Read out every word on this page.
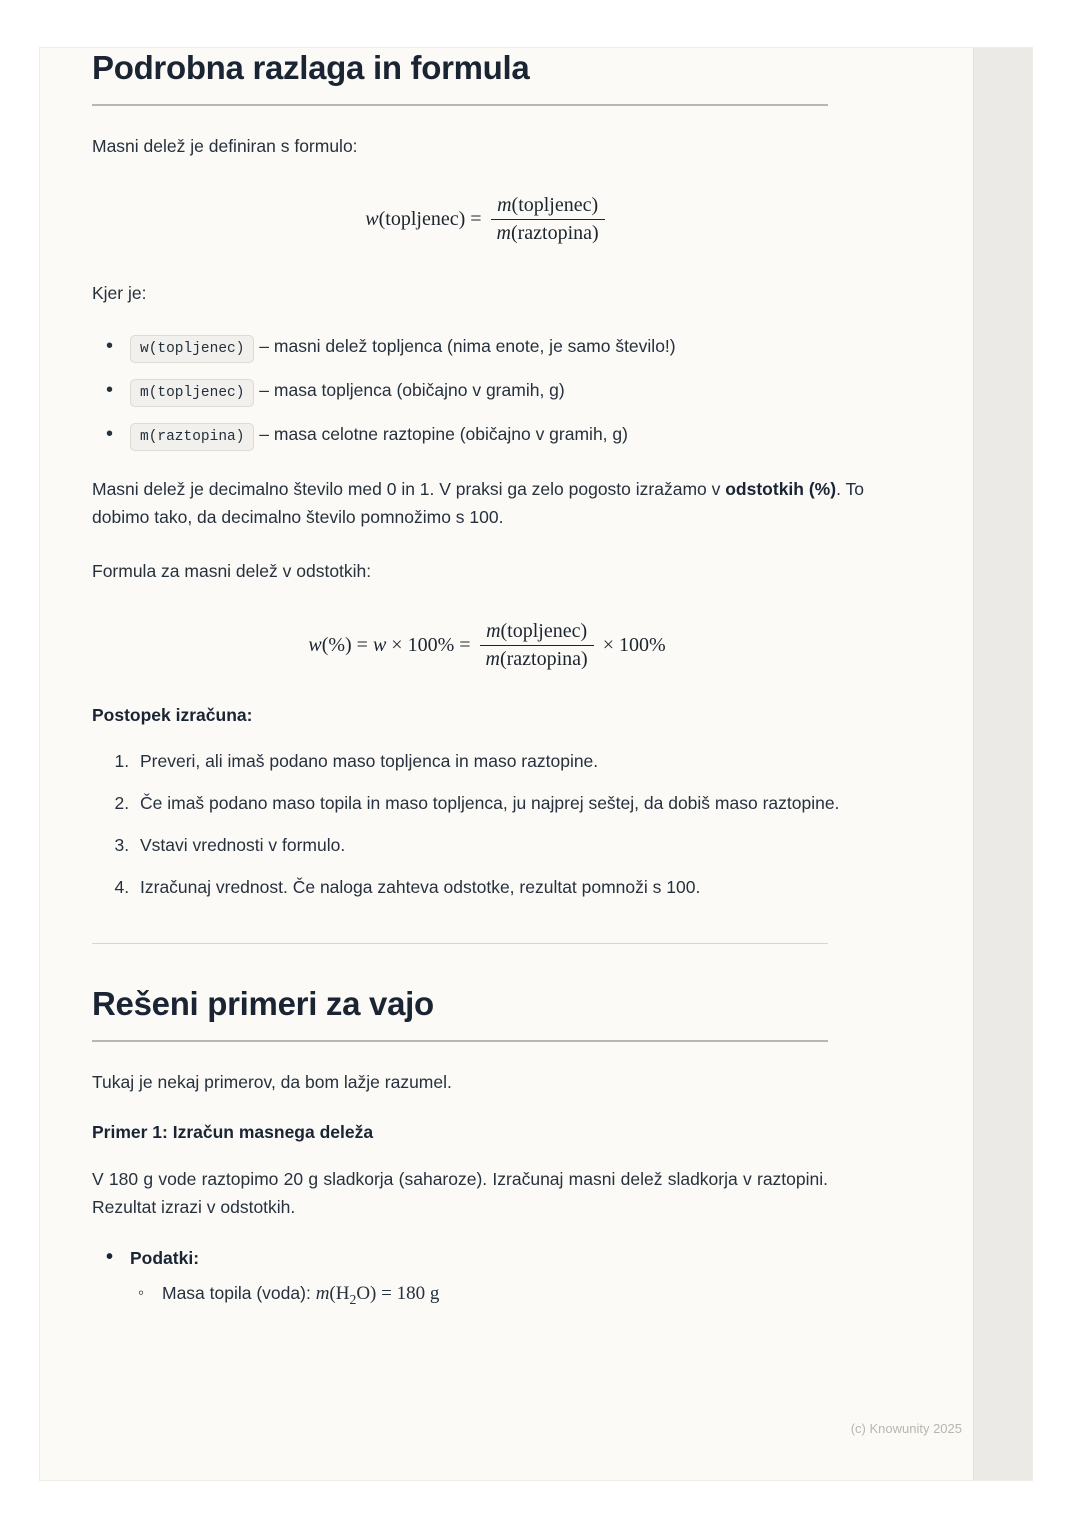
Podrobna razlaga in formula

Masni delež je definiran s formulo:

w(topljenec) = $\frac{\text{m(topljenec)}}{\text{m(raztopina)}}$

Kjer je:

• w(topljenec) – masni delež topljenca (nima enote, je samo število!)
• m(topljenec) – masa topljenca (običajno v gramih, g)
• m(raztopina) – masa celotne raztopine (običajno v gramih, g)

Masni delež je decimalno število med 0 in 1. V praksi ga zelo pogosto izražamo v odstotkih (%). To dobimo tako, da decimalno število pomnožimo s 100.

Formula za masni delež v odstotkih:

$w(\%) = w \times 100\% = \frac{\text{m(topljenec)}}{\text{m(raztopina)}} \times 100\%$
Postopek izračuna:
1. Preveri, ali imaš podano maso topljenca in maso raztopine.
2. Če imaš podano maso topila in maso topljenca, ju najprej seštej, da dobiš maso raztopine.
3. Vstavi vrednosti v formulo.
4. Izračunaj vrednost. Če naloga zahteva odstotke, rezultat pomnoži s 100.
Rešeni primeri za vajo

Tukaj je nekaj primerov, da bom lažje razumel.

Primer 1: Izračun masnega deleža

V 180 g vode raztopimo 20 g sladkorja (saharoze). Izračunaj masni delež sladkorja v raztopini. Rezultat izrazi v odstotkih.

• Podatki:
◦ Masa topila (voda): $m(H_2O) = 180$ g
(c) Knowunity 2025
